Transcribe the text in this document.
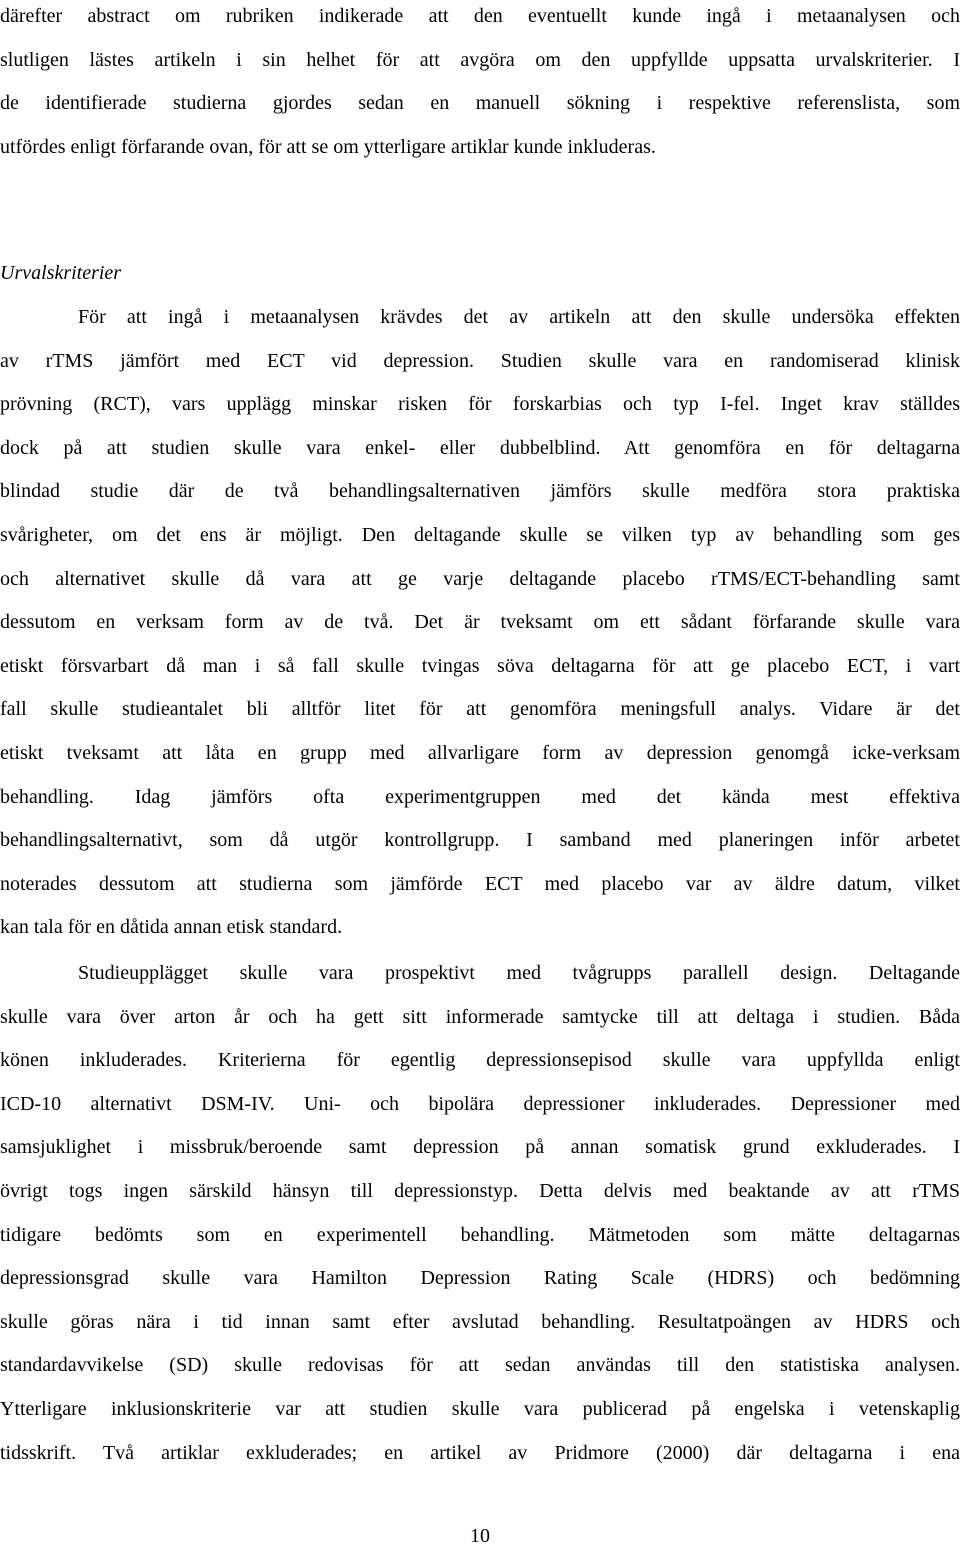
därefter abstract om rubriken indikerade att den eventuellt kunde ingå i metaanalysen och
slutligen lästes artikeln i sin helhet för att avgöra om den uppfyllde uppsatta urvalskriterier. I
de identifierade studierna gjordes sedan en manuell sökning i respektive referenslista, som
utfördes enligt förfarande ovan, för att se om ytterligare artiklar kunde inkluderas.
Urvalskriterier
För att ingå i metaanalysen krävdes det av artikeln att den skulle undersöka effekten
av rTMS jämfört med ECT vid depression. Studien skulle vara en randomiserad klinisk
prövning (RCT), vars upplägg minskar risken för forskarbias och typ I-fel. Inget krav ställdes
dock på att studien skulle vara enkel- eller dubbelblind. Att genomföra en för deltagarna
blindad studie där de två behandlingsalternativen jämförs skulle medföra stora praktiska
svårigheter, om det ens är möjligt. Den deltagande skulle se vilken typ av behandling som ges
och alternativet skulle då vara att ge varje deltagande placebo rTMS/ECT-behandling samt
dessutom en verksam form av de två. Det är tveksamt om ett sådant förfarande skulle vara
etiskt försvarbart då man i så fall skulle tvingas söva deltagarna för att ge placebo ECT, i vart
fall skulle studieantalet bli alltför litet för att genomföra meningsfull analys. Vidare är det
etiskt tveksamt att låta en grupp med allvarligare form av depression genomgå icke-verksam
behandling. Idag jämförs ofta experimentgruppen med det kända mest effektiva
behandlingsalternativt, som då utgör kontrollgrupp. I samband med planeringen inför arbetet
noterades dessutom att studierna som jämförde ECT med placebo var av äldre datum, vilket
kan tala för en dåtida annan etisk standard.
Studieupplägget skulle vara prospektivt med tvågrupps parallell design. Deltagande
skulle vara över arton år och ha gett sitt informerade samtycke till att deltaga i studien. Båda
könen inkluderades. Kriterierna för egentlig depressionsepisod skulle vara uppfyllda enligt
ICD-10 alternativt DSM-IV. Uni- och bipolära depressioner inkluderades. Depressioner med
samsjuklighet i missbruk/beroende samt depression på annan somatisk grund exkluderades. I
övrigt togs ingen särskild hänsyn till depressionstyp. Detta delvis med beaktande av att rTMS
tidigare bedömts som en experimentell behandling. Mätmetoden som mätte deltagarnas
depressionsgrad skulle vara Hamilton Depression Rating Scale (HDRS) och bedömning
skulle göras nära i tid innan samt efter avslutad behandling. Resultatpoängen av HDRS och
standardavvikelse (SD) skulle redovisas för att sedan användas till den statistiska analysen.
Ytterligare inklusionskriterie var att studien skulle vara publicerad på engelska i vetenskaplig
tidsskrift. Två artiklar exkluderades; en artikel av Pridmore (2000) där deltagarna i ena
10
